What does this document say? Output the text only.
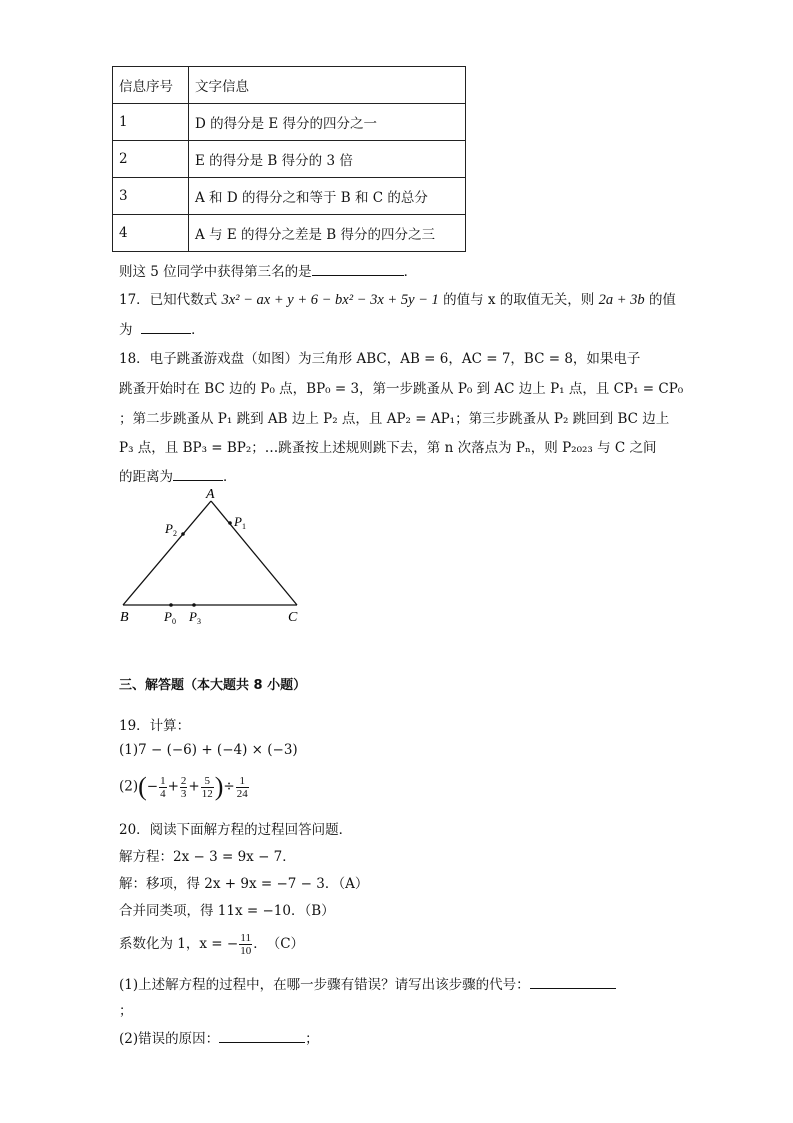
信息序号	文字信息
1	D 的得分是 E 得分的四分之一
2	E 的得分是 B 得分的 3 倍
3	A 和 D 的得分之和等于 B 和 C 的总分
4	A 与 E 的得分之差是 B 得分的四分之三
则这 5 位同学中获得第三名的是	．
17．已知代数式 3x² − ax + y + 6 − bx² − 3x + 5y − 1 的值与 x 的取值无关，则 2a + 3b 的值
为	．
18．电子跳蚤游戏盘（如图）为三角形 ABC，AB = 6，AC = 7，BC = 8，如果电子
跳蚤开始时在 BC 边的 P₀ 点，BP₀ = 3，第一步跳蚤从 P₀ 到 AC 边上 P₁ 点，且 CP₁ = CP₀
；第二步跳蚤从 P₁ 跳到 AB 边上 P₂ 点，且 AP₂ = AP₁；第三步跳蚤从 P₂ 跳回到 BC 边上
P₃ 点，且 BP₃ = BP₂；…跳蚤按上述规则跳下去，第 n 次落点为 Pₙ，则 P₂₀₂₃ 与 C 之间
的距离为	．
A
B	C
$P_1$
$P_2$
$P_0$ $P_3$
三、解答题（本大题共 8 小题）
19．计算：
(1)7 − (−6) + (−4) × (−3)
$(2)(- \frac{1}{4} + \frac{2}{3} + \frac{5}{12}$ )÷ $\frac{1}{24}$
20．阅读下面解方程的过程回答问题．
解方程：2x − 3 = 9x − 7．
解：移项，得 2x + 9x = −7 − 3．（A）
合并同类项，得 11x = −10．（B）
系数化为 1，x = − $\frac{11}{10}$ ．　（C）
(1)上述解方程的过程中，在哪一步骤有错误？请写出该步骤的代号：
；
(2)错误的原因：	；
